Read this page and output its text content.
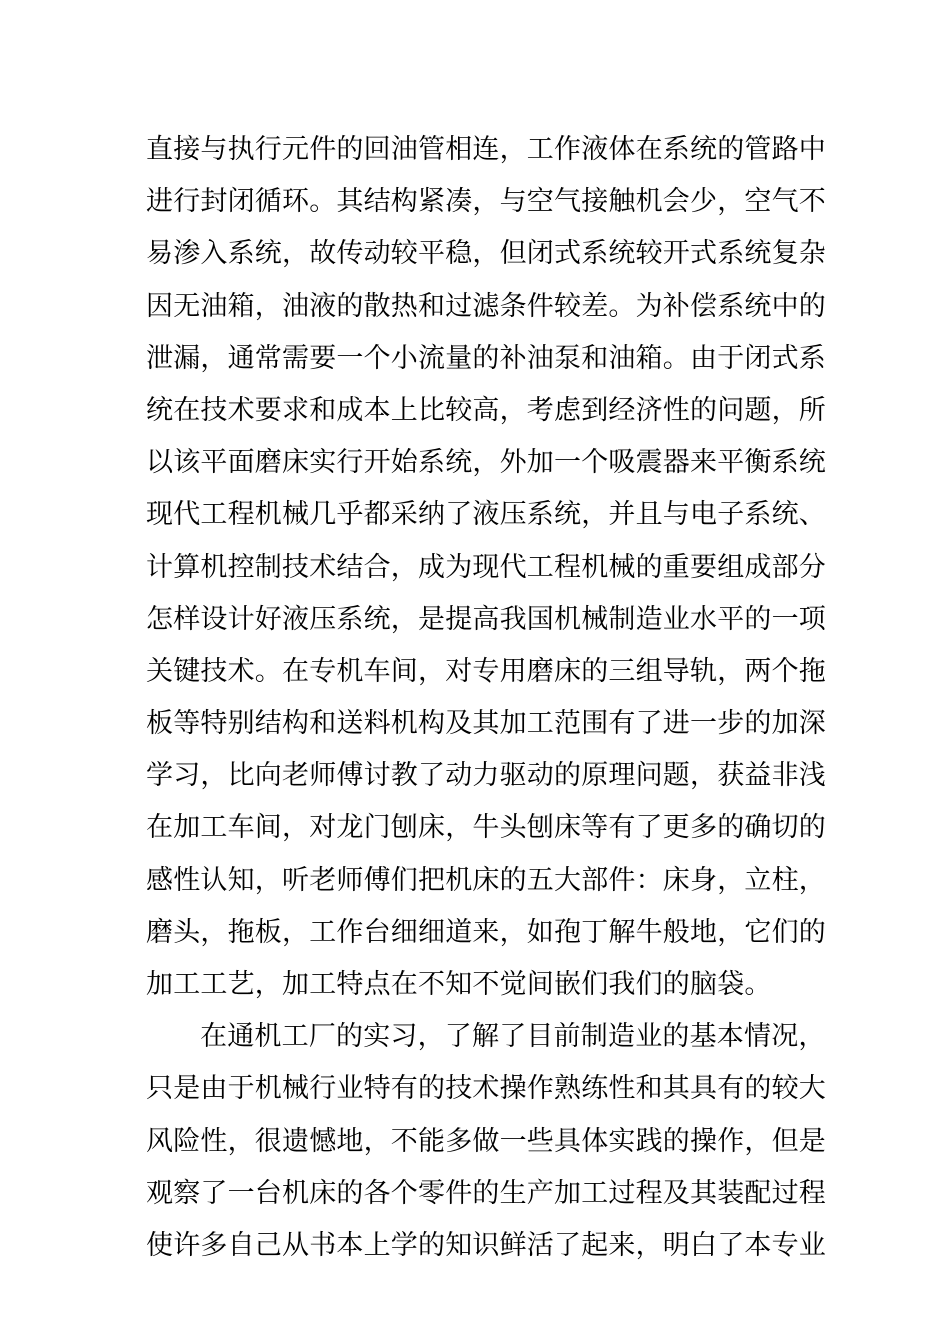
直接与执行元件的回油管相连，工作液体在系统的管路中
进行封闭循环。其结构紧凑，与空气接触机会少，空气不
易渗入系统，故传动较平稳，但闭式系统较开式系统复杂
因无油箱，油液的散热和过滤条件较差。为补偿系统中的
泄漏，通常需要一个小流量的补油泵和油箱。由于闭式系
统在技术要求和成本上比较高，考虑到经济性的问题，所
以该平面磨床实行开始系统，外加一个吸震器来平衡系统
现代工程机械几乎都采纳了液压系统，并且与电子系统、
计算机控制技术结合，成为现代工程机械的重要组成部分
怎样设计好液压系统，是提高我国机械制造业水平的一项
关键技术。在专机车间，对专用磨床的三组导轨，两个拖
板等特别结构和送料机构及其加工范围有了进一步的加深
学习，比向老师傅讨教了动力驱动的原理问题，获益非浅
在加工车间，对龙门刨床，牛头刨床等有了更多的确切的
感性认知，听老师傅们把机床的五大部件：床身，立柱，
磨头，拖板，工作台细细道来，如孢丁解牛般地，它们的
加工工艺，加工特点在不知不觉间嵌们我们的脑袋。
在通机工厂的实习，了解了目前制造业的基本情况，
只是由于机械行业特有的技术操作熟练性和其具有的较大
风险性，很遗憾地，不能多做一些具体实践的操作，但是
观察了一台机床的各个零件的生产加工过程及其装配过程
使许多自己从书本上学的知识鲜活了起来，明白了本专业
